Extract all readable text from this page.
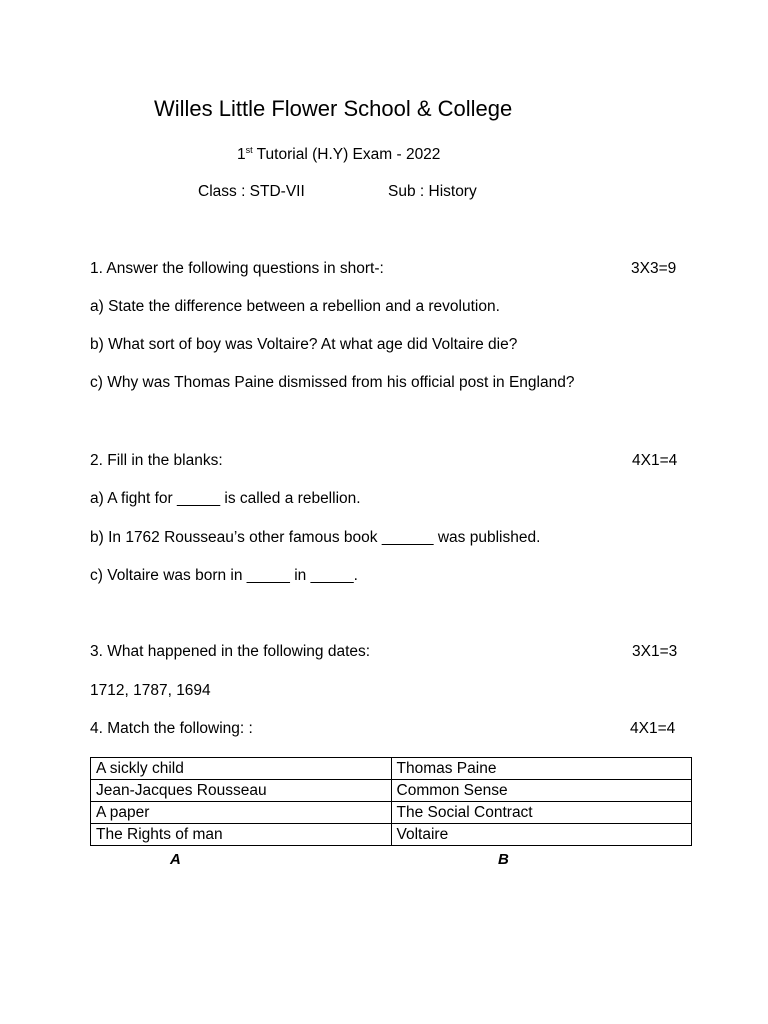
Willes Little Flower School & College
1st Tutorial (H.Y) Exam - 2022
Class : STD-VII	Sub : History
1. Answer the following questions in short-:	3X3=9
a) State the difference between a rebellion and a revolution.
b) What sort of boy was Voltaire? At what age did Voltaire die?
c) Why was Thomas Paine dismissed from his official post in England?
2. Fill in the blanks:	4X1=4
a) A fight for _____ is called a rebellion.
b) In 1762 Rousseau’s other famous book ______ was published.
c) Voltaire was born in _____ in _____.
3. What happened in the following dates:	3X1=3
1712, 1787, 1694
4. Match the following: :	4X1=4
A sickly child	Thomas Paine
Jean-Jacques Rousseau	Common Sense
A paper	The Social Contract
The Rights of man	Voltaire
A	B
